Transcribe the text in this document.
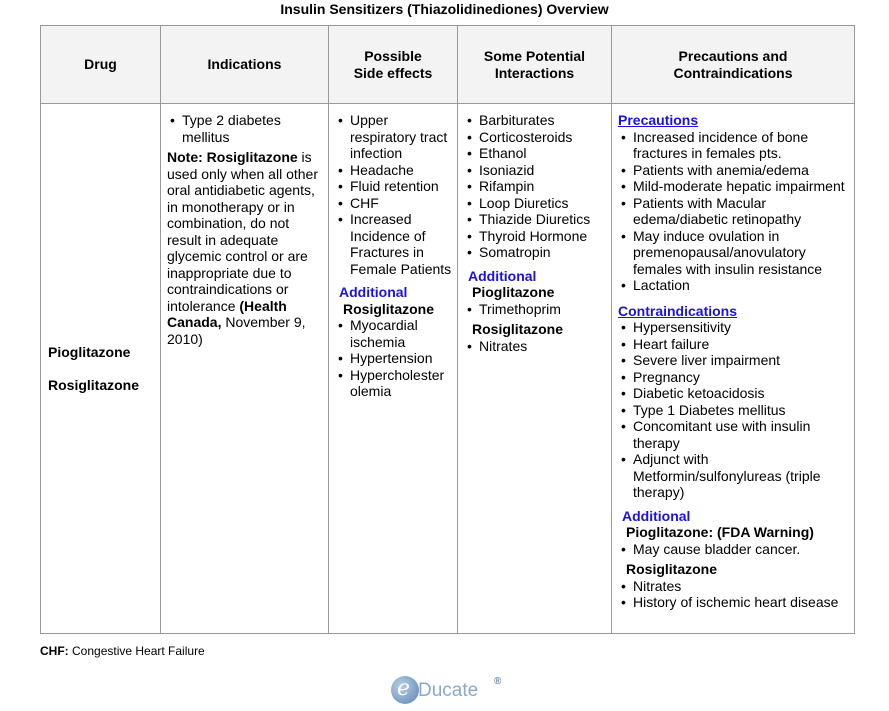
Insulin Sensitizers (Thiazolidinediones) Overview
Drug	Indications
Possible
Side effects
Some Potential
Interactions
Precautions and
Contraindications
Pioglitazone
Rosiglitazone
• Type 2 diabetes mellitus

Note: Rosiglitazone is used only when all other oral antidiabetic agents, in monotherapy or in combination, do not result in adequate glycemic control or are inappropriate due to contraindications or intolerance (Health Canada, November 9, 2010)

• Upper respiratory tract infection
• Headache
• Fluid retention
• CHF
• Increased Incidence of Fractures in Female Patients
Additional
Rosiglitazone
• Myocardial ischemia
• Hypertension
• Hypercholester olemia
• Barbiturates
• Corticosteroids
• Ethanol
• Isoniazid
• Rifampin
• Loop Diuretics
• Thiazide Diuretics
• Thyroid Hormone
• Somatropin
Additional
Pioglitazone
• Trimethoprim
Rosiglitazone
• Nitrates
Precautions
• Increased incidence of bone fractures in females pts.
• Patients with anemia/edema
• Mild-moderate hepatic impairment
• Patients with Macular edema/diabetic retinopathy
• May induce ovulation in premenopausal/anovulatory females with insulin resistance
• Lactation
Contraindications
• Hypersensitivity
• Heart failure
• Severe liver impairment
• Pregnancy
• Diabetic ketoacidosis
• Type 1 Diabetes mellitus
• Concomitant use with insulin therapy
• Adjunct with Metformin/sulfonylureas (triple therapy)
Additional
Pioglitazone: (FDA Warning)
• May cause bladder cancer.
Rosiglitazone
• Nitrates
• History of ischemic heart disease
CHF: Congestive Heart Failure
e Ducate ®
